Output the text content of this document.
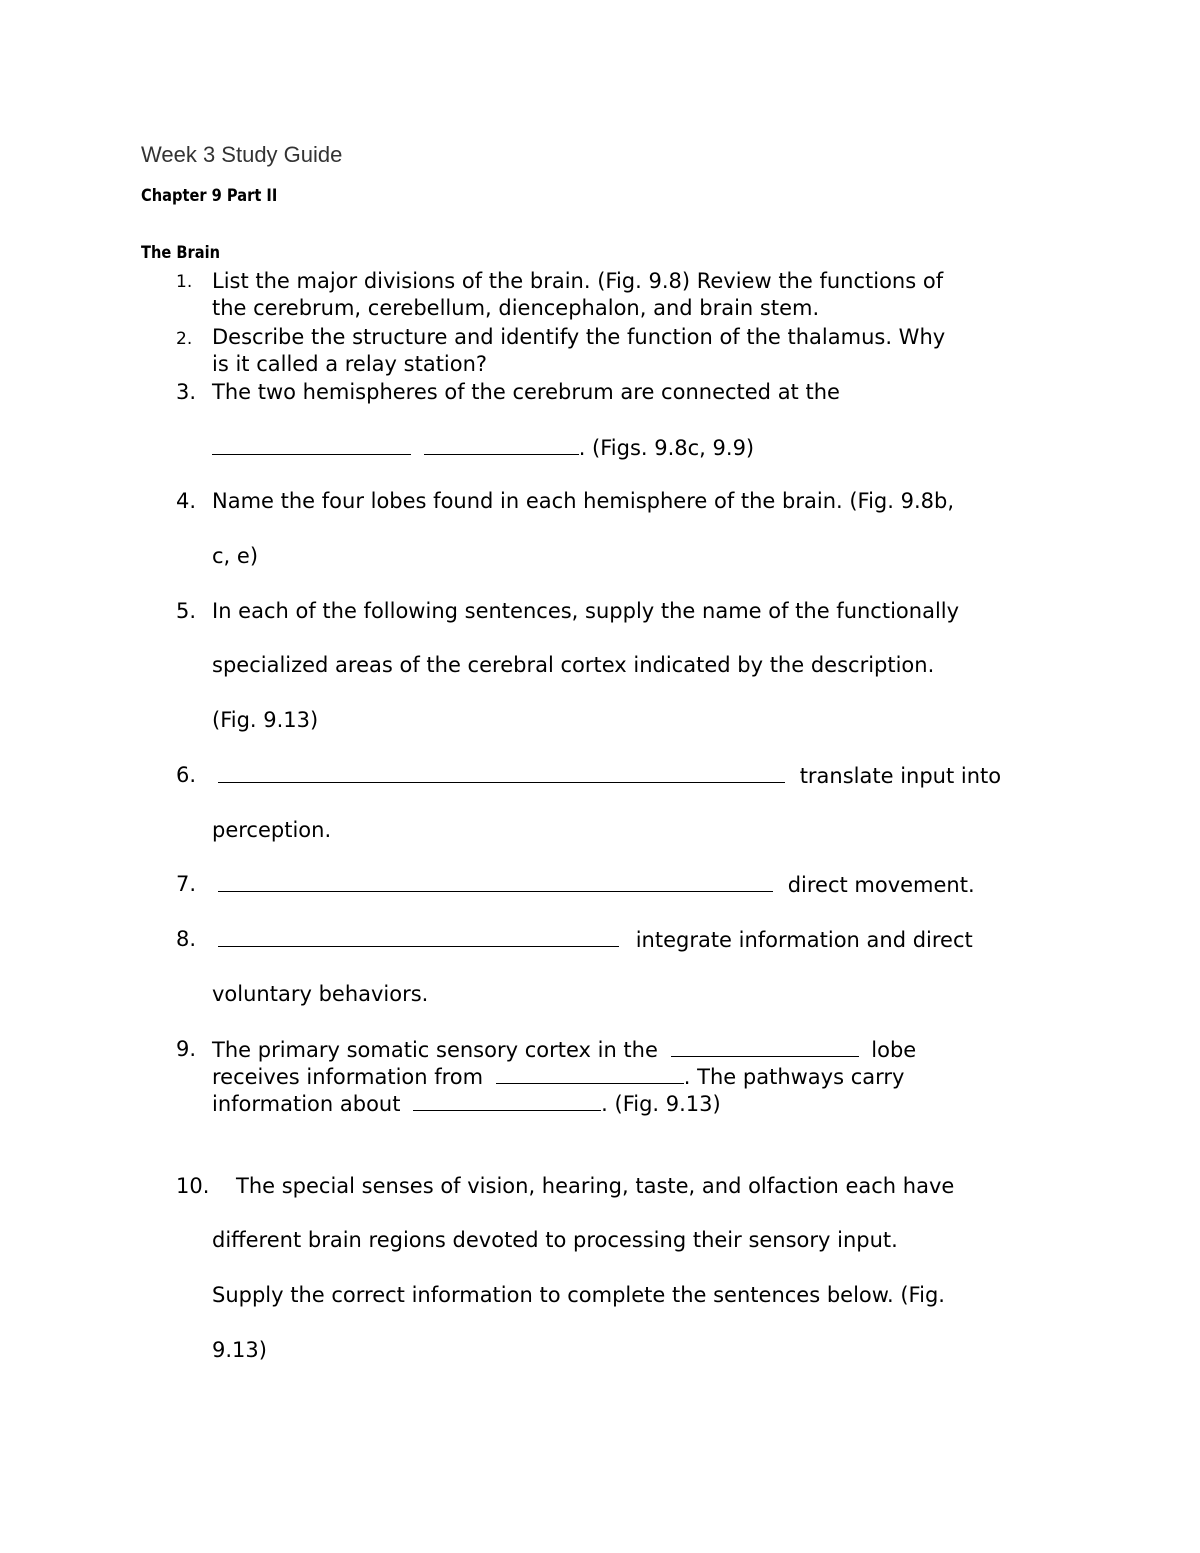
Week 3 Study Guide
Chapter 9 Part II
The Brain
1. List the major divisions of the brain. (Fig. 9.8) Review the functions of
the cerebrum, cerebellum, diencephalon, and brain stem.
2. Describe the structure and identify the function of the thalamus. Why
is it called a relay station?
3. The two hemispheres of the cerebrum are connected at the
. (Figs. 9.8c, 9.9)
4. Name the four lobes found in each hemisphere of the brain. (Fig. 9.8b,
c, e)
5. In each of the following sentences, supply the name of the functionally
specialized areas of the cerebral cortex indicated by the description.
(Fig. 9.13)
6.	translate input into
perception.
7.	direct movement.
8.	integrate information and direct
voluntary behaviors.
9. The primary somatic sensory cortex in the	lobe
receives information from	. The pathways carry
information about	. (Fig. 9.13)
10. The special senses of vision, hearing, taste, and olfaction each have
different brain regions devoted to processing their sensory input.
Supply the correct information to complete the sentences below. (Fig.
9.13)
